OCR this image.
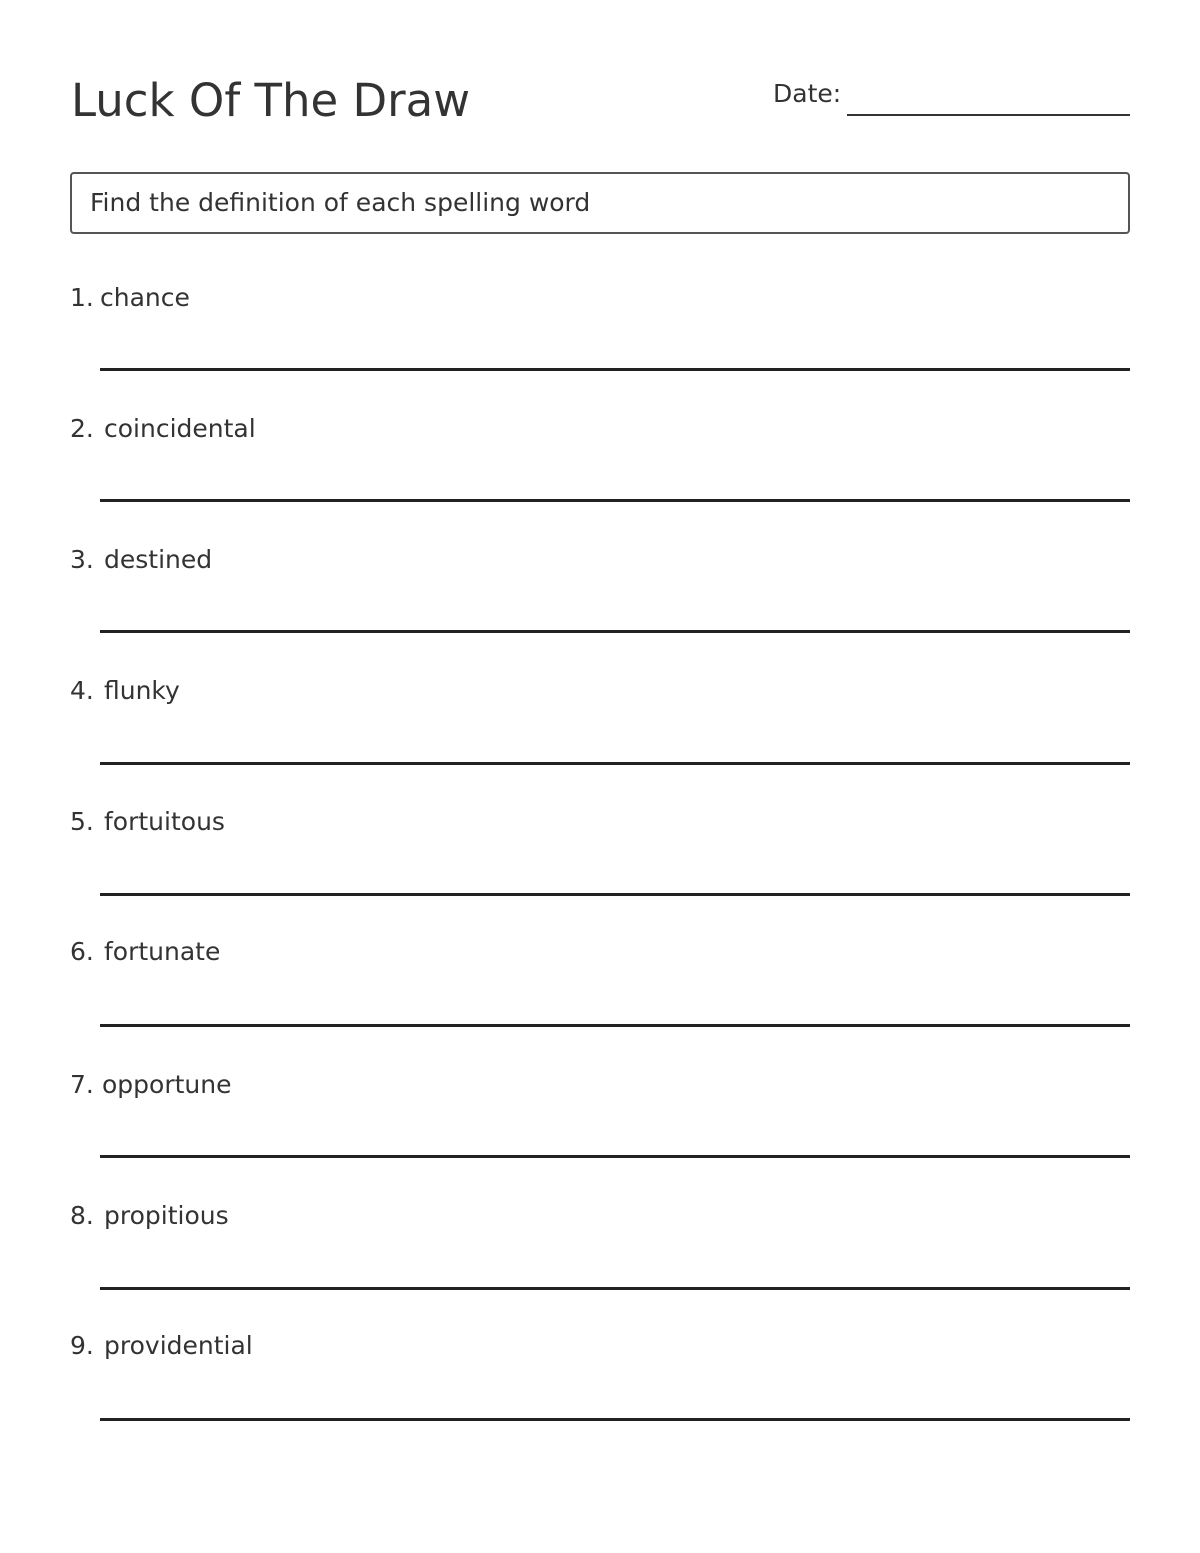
Luck Of The Draw	Date:
Find the definition of each spelling word
1. chance
2. coincidental
3. destined
4. flunky
5. fortuitous
6. fortunate
7. opportune
8. propitious
9. providential
